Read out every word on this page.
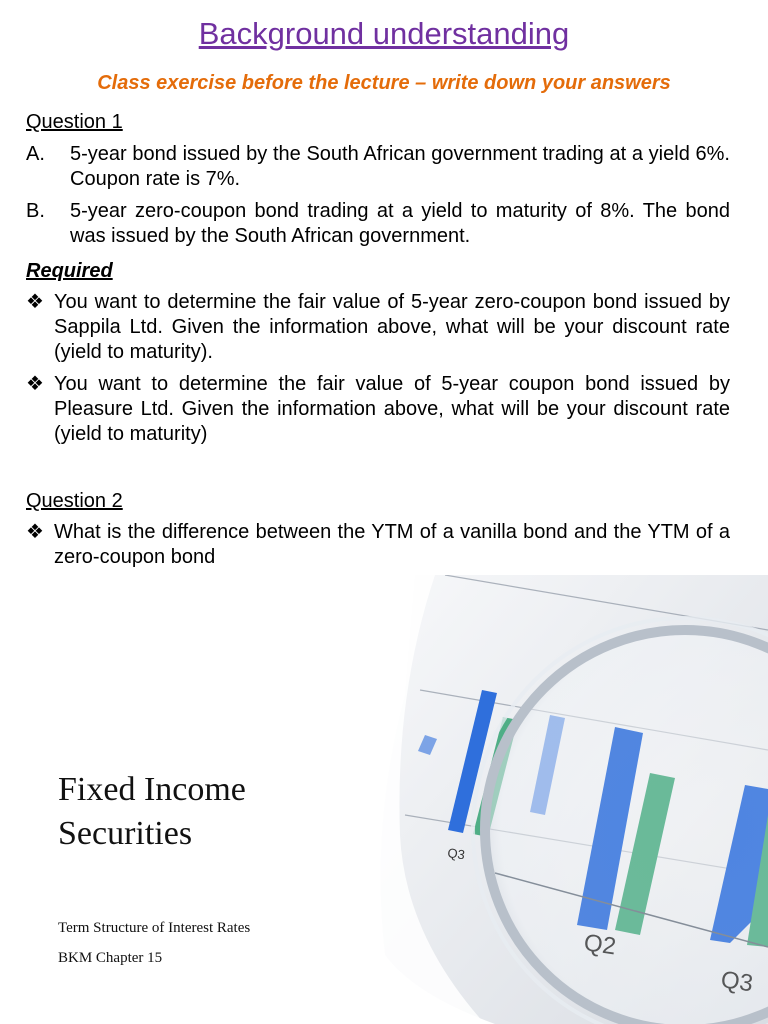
Background understanding
Class exercise before the lecture – write down your answers
Question 1
A.	5-year bond issued by the South African government trading at a yield 6%. Coupon rate is 7%.
B.	5-year zero-coupon bond trading at a yield to maturity of 8%. The bond was issued by the South African government.
Required
❖ You want to determine the fair value of 5-year zero-coupon bond issued by Sappila Ltd. Given the information above, what will be your discount rate (yield to maturity).
❖ You want to determine the fair value of 5-year coupon bond issued by Pleasure Ltd. Given the information above, what will be your discount rate (yield to maturity)
Question 2
❖ What is the difference between the YTM of a vanilla bond and the YTM of a zero-coupon bond
Q3
Fixed Income Securities
Term Structure of Interest Rates
BKM Chapter 15
